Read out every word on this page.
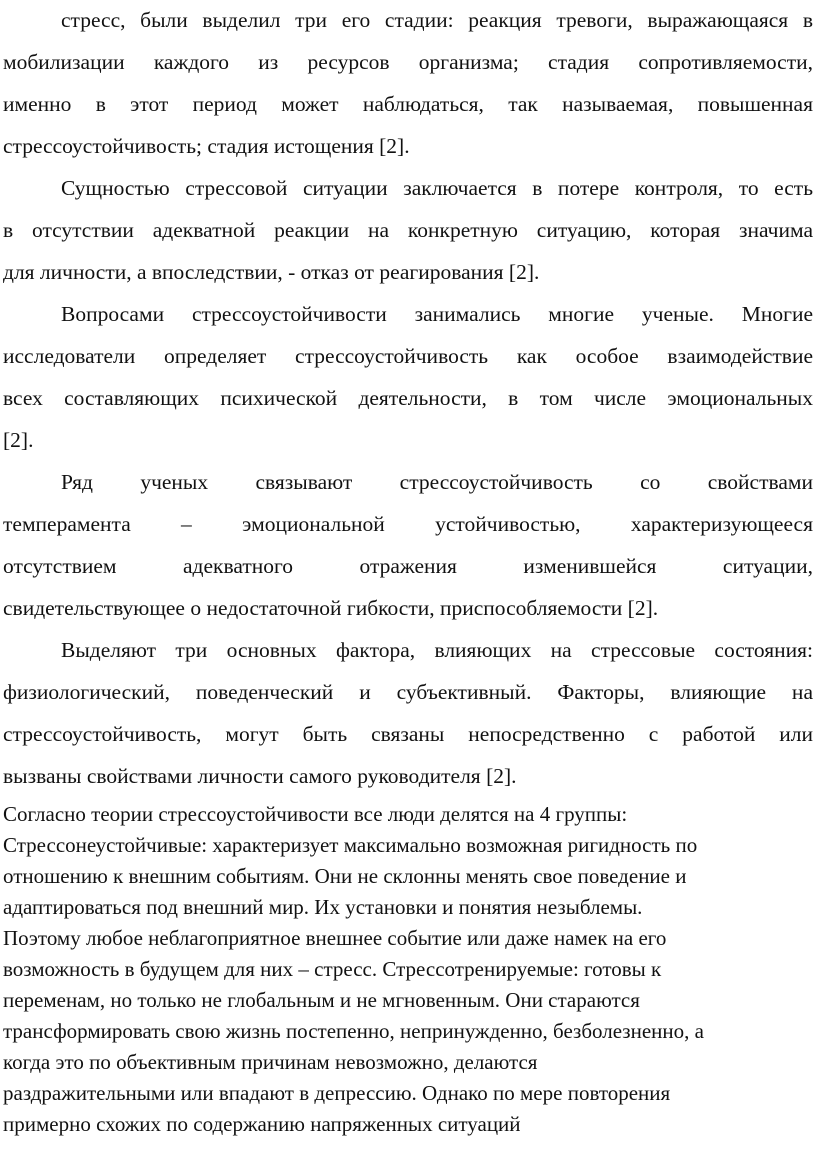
стресс, были выделил три его стадии: реакция тревоги, выражающаяся в
мобилизации каждого из ресурсов организма; стадия сопротивляемости,
именно в этот период может наблюдаться, так называемая, повышенная
стрессоустойчивость; стадия истощения [2].
Сущностью стрессовой ситуации заключается в потере контроля, то есть
в отсутствии адекватной реакции на конкретную ситуацию, которая значима
для личности, а впоследствии, - отказ от реагирования [2].
Вопросами стрессоустойчивости занимались многие ученые. Многие
исследователи определяет стрессоустойчивость как особое взаимодействие
всех составляющих психической деятельности, в том числе эмоциональных
[2].
Ряд ученых связывают стрессоустойчивость со свойствами
темперамента – эмоциональной устойчивостью, характеризующееся
отсутствием адекватного отражения изменившейся ситуации,
свидетельствующее о недостаточной гибкости, приспособляемости [2].
Выделяют три основных фактора, влияющих на стрессовые состояния:
физиологический, поведенческий и субъективный. Факторы, влияющие на
стрессоустойчивость, могут быть связаны непосредственно с работой или
вызваны свойствами личности самого руководителя [2].
Согласно теории стрессоустойчивости все люди делятся на 4 группы:
Стрессонеустойчивые: характеризует максимально возможная ригидность по
отношению к внешним событиям. Они не склонны менять свое поведение и
адаптироваться под внешний мир. Их установки и понятия незыблемы.
Поэтому любое неблагоприятное внешнее событие или даже намек на его
возможность в будущем для них – стресс. Стрессотренируемые: готовы к
переменам, но только не глобальным и не мгновенным. Они стараются
трансформировать свою жизнь постепенно, непринужденно, безболезненно, а
когда это по объективным причинам невозможно, делаются
раздражительными или впадают в депрессию. Однако по мере повторения
примерно схожих по содержанию напряженных ситуаций
